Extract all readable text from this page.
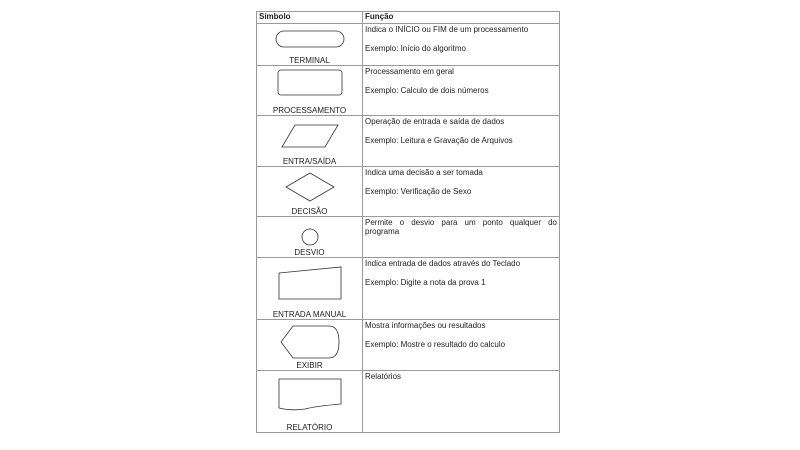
Símbolo	Função
TERMINAL
Indica o INÍCIO ou FIM de um processamento
Exemplo: Início do algoritmo
PROCESSAMENTO
Processamento em geral
Exemplo: Calculo de dois números
ENTRA/SAÍDA
Operação de entrada e saída de dados
Exemplo: Leitura e Gravação de Arquivos
DECISÃO
Indica uma decisão a ser tomada
Exemplo: Verificação de Sexo
DESVIO
Permite o desvio para um ponto qualquer do programa
ENTRADA MANUAL
Indica entrada de dados através do Teclado
Exemplo: Digite a nota da prova 1
EXIBIR
Mostra informações ou resultados
Exemplo: Mostre o resultado do calculo
RELATÓRIO
Relatórios
